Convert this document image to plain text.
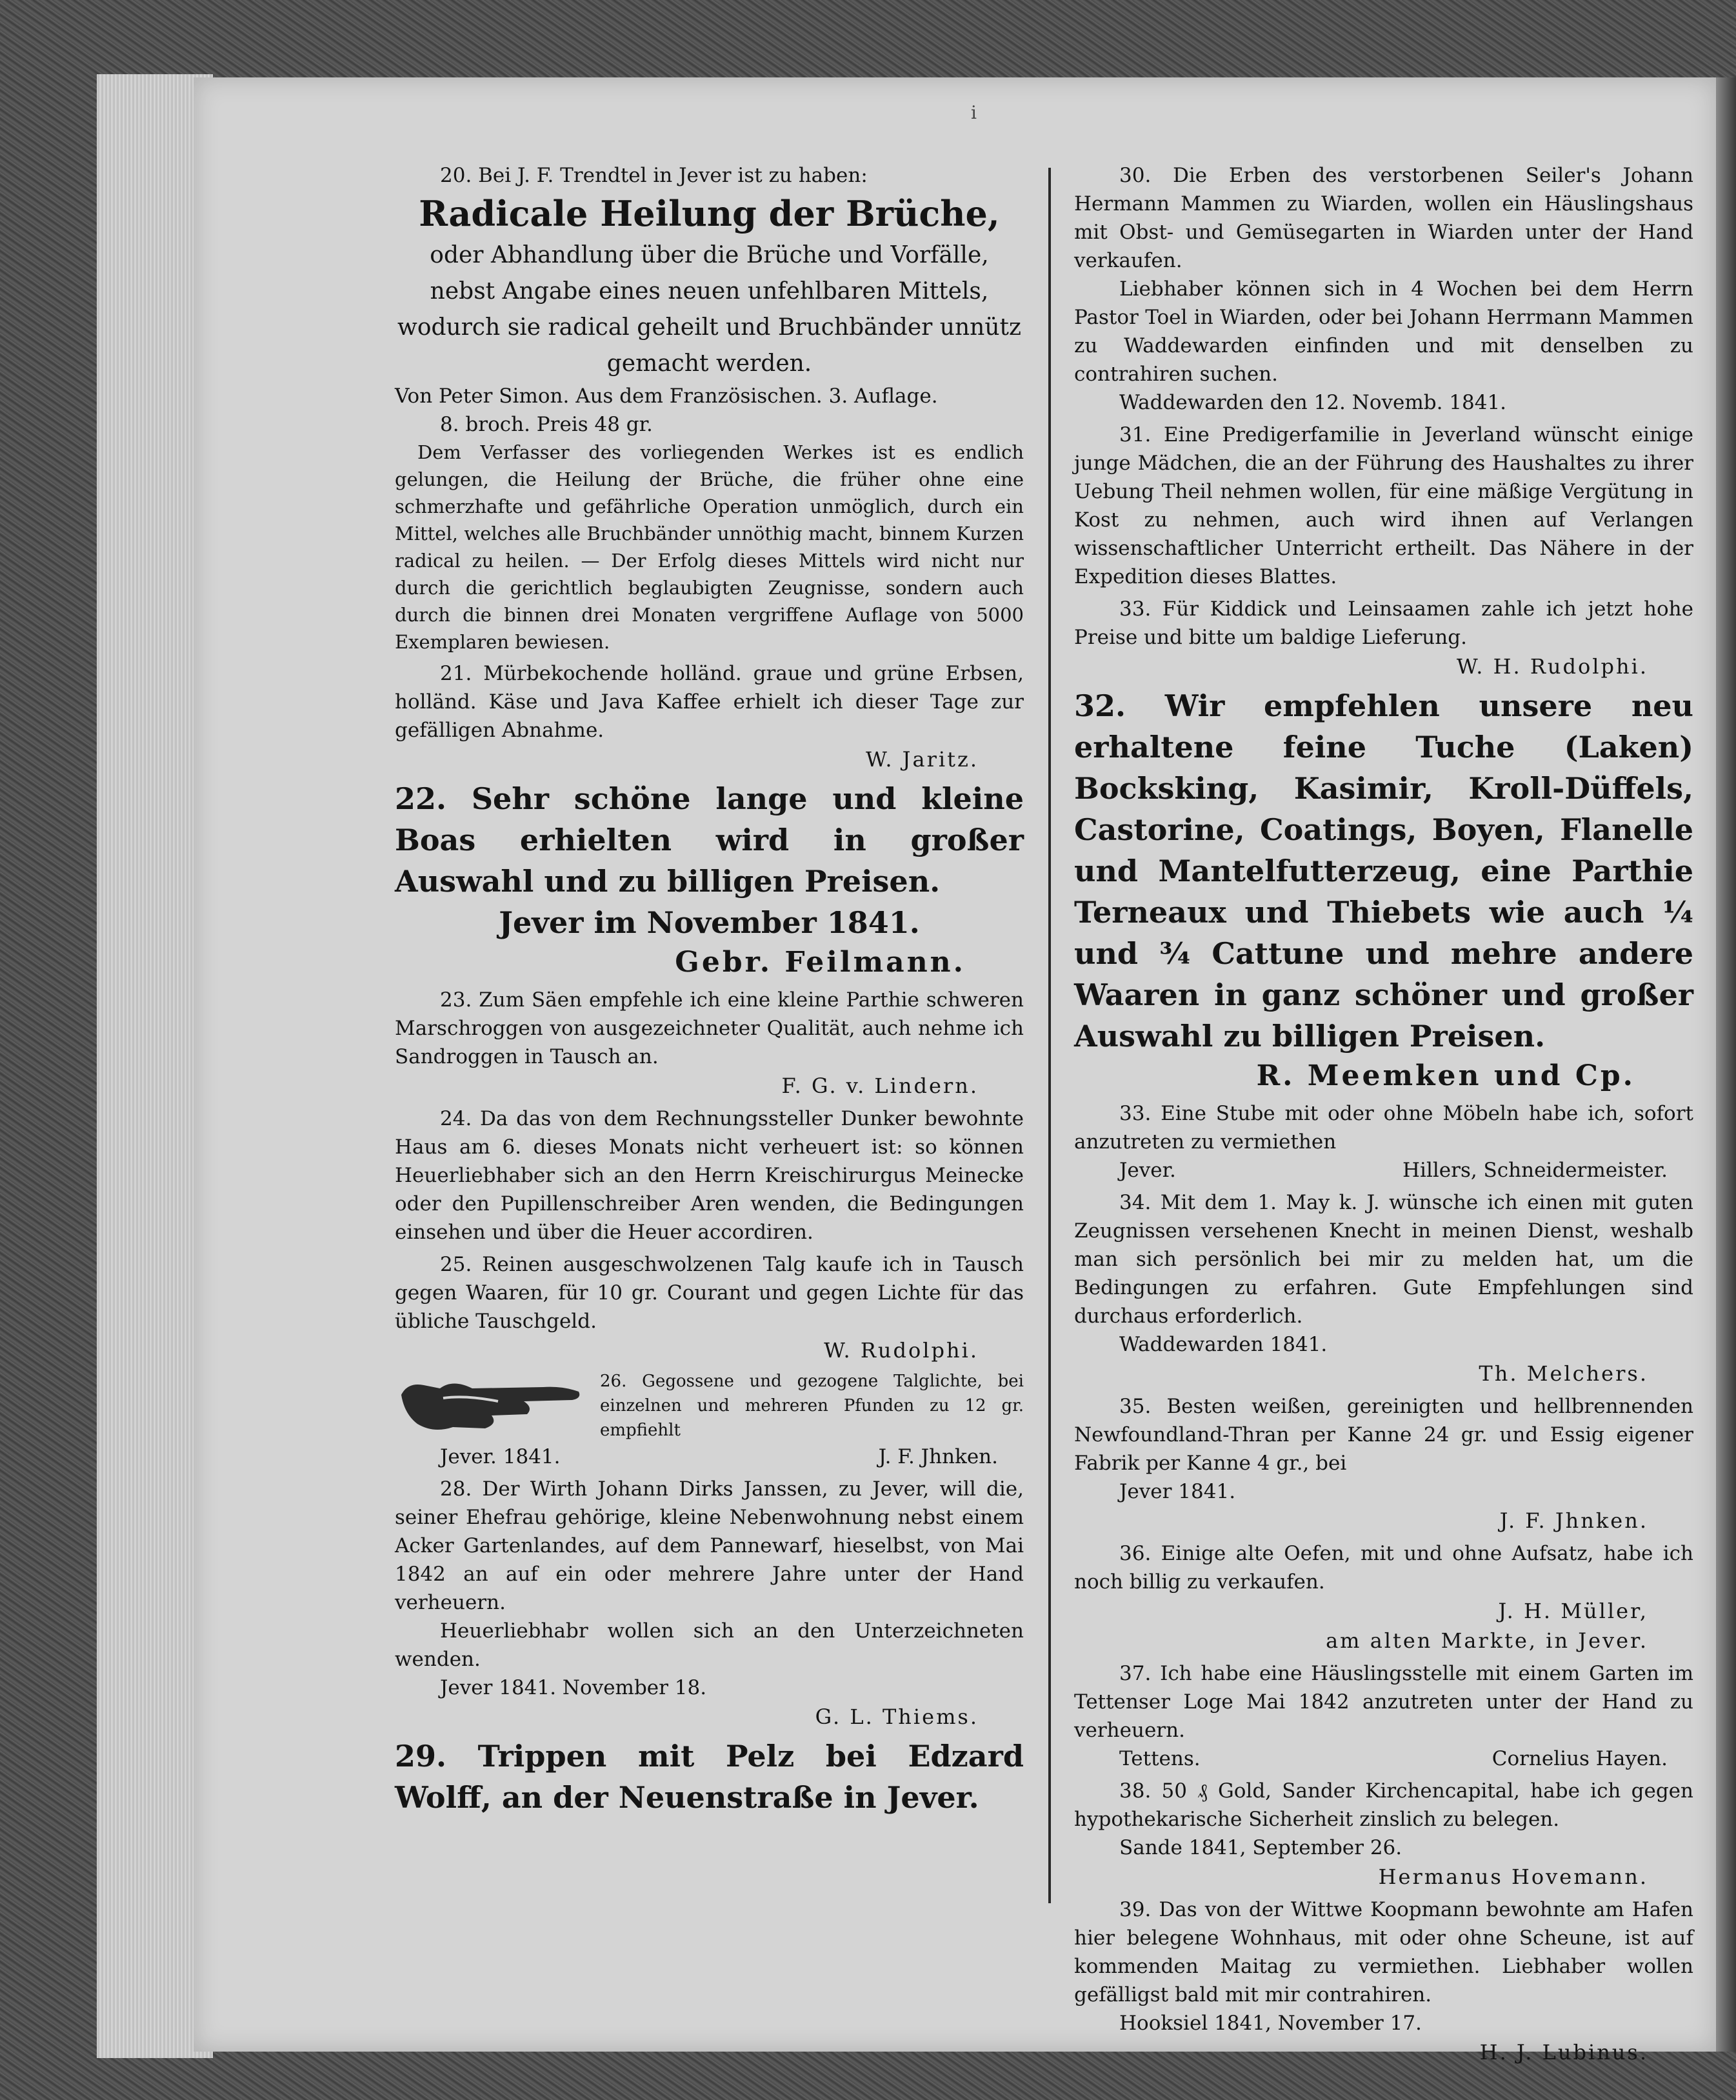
i

20. Bei J. F. Trendtel in Jever ist zu haben:

Radicale Heilung der Brüche,

oder Abhandlung über die Brüche und Vorfälle, nebst Angabe eines neuen unfehlbaren Mittels, wodurch sie radical geheilt und Bruchbänder unnütz gemacht werden.

Von Peter Simon. Aus dem Französischen. 3. Auflage.

8. broch. Preis 48 gr.

Dem Verfasser des vorliegenden Werkes ist es endlich gelungen, die Heilung der Brüche, die früher ohne eine schmerzhafte und gefährliche Operation unmöglich, durch ein Mittel, welches alle Bruchbänder unnöthig macht, binnem Kurzen radical zu heilen. — Der Erfolg dieses Mittels wird nicht nur durch die gerichtlich beglaubigten Zeugnisse, sondern auch durch die binnen drei Monaten vergriffene Auflage von 5000 Exemplaren bewiesen.

21. Mürbekochende holländ. graue und grüne Erbsen, holländ. Käse und Java Kaffee erhielt ich dieser Tage zur gefälligen Abnahme.

W. Jaritz.

22. Sehr schöne lange und kleine Boas erhielten wird in großer Auswahl und zu billigen Preisen.

Jever im November 1841.

Gebr. Feilmann.

23. Zum Säen empfehle ich eine kleine Parthie schweren Marschroggen von ausgezeichneter Qualität, auch nehme ich Sandroggen in Tausch an.

F. G. v. Lindern.

24. Da das von dem Rechnungssteller Dunker bewohnte Haus am 6. dieses Monats nicht verheuert ist: so können Heuerliebhaber sich an den Herrn Kreischirurgus Meinecke oder den Pupillenschreiber Aren wenden, die Bedingungen einsehen und über die Heuer accordiren.

25. Reinen ausgeschwolzenen Talg kaufe ich in Tausch gegen Waaren, für 10 gr. Courant und gegen Lichte für das übliche Tauschgeld.

W. Rudolphi.

26. Gegossene und gezogene Talglichte, bei einzelnen und mehreren Pfunden zu 12 gr. empfiehlt
Jever. 1841.	J. F. Jhnken.

28. Der Wirth Johann Dirks Janssen, zu Jever, will die, seiner Ehefrau gehörige, kleine Nebenwohnung nebst einem Acker Gartenlandes, auf dem Pannewarf, hieselbst, von Mai 1842 an auf ein oder mehrere Jahre unter der Hand verheuern.

Heuerliebhabr wollen sich an den Unterzeichneten wenden.

Jever 1841. November 18.

G. L. Thiems.

29. Trippen mit Pelz bei Edzard Wolff, an der Neuenstraße in Jever.

30. Die Erben des verstorbenen Seiler's Johann Hermann Mammen zu Wiarden, wollen ein Häuslingshaus mit Obst- und Gemüsegarten in Wiarden unter der Hand verkaufen.

Liebhaber können sich in 4 Wochen bei dem Herrn Pastor Toel in Wiarden, oder bei Johann Herrmann Mammen zu Waddewarden einfinden und mit denselben zu contrahiren suchen.

Waddewarden den 12. Novemb. 1841.

31. Eine Predigerfamilie in Jeverland wünscht einige junge Mädchen, die an der Führung des Haushaltes zu ihrer Uebung Theil nehmen wollen, für eine mäßige Vergütung in Kost zu nehmen, auch wird ihnen auf Verlangen wissenschaftlicher Unterricht ertheilt. Das Nähere in der Expedition dieses Blattes.

33. Für Kiddick und Leinsaamen zahle ich jetzt hohe Preise und bitte um baldige Lieferung.

W. H. Rudolphi.

32. Wir empfehlen unsere neu erhaltene feine Tuche (Laken) Bocksking, Kasimir, Kroll-Düffels, Castorine, Coatings, Boyen, Flanelle und Mantelfutterzeug, eine Parthie Terneaux und Thiebets wie auch ¼ und ¾ Cattune und mehre andere Waaren in ganz schöner und großer Auswahl zu billigen Preisen.

R. Meemken und Cp.

33. Eine Stube mit oder ohne Möbeln habe ich, sofort anzutreten zu vermiethen

Jever.	Hillers, Schneidermeister.

34. Mit dem 1. May k. J. wünsche ich einen mit guten Zeugnissen versehenen Knecht in meinen Dienst, weshalb man sich persönlich bei mir zu melden hat, um die Bedingungen zu erfahren. Gute Empfehlungen sind durchaus erforderlich.

Waddewarden 1841.

Th. Melchers.

35. Besten weißen, gereinigten und hellbrennenden Newfoundland-Thran per Kanne 24 gr. und Essig eigener Fabrik per Kanne 4 gr., bei

Jever 1841.

J. F. Jhnken.

36. Einige alte Oefen, mit und ohne Aufsatz, habe ich noch billig zu verkaufen.

J. H. Müller,

am alten Markte, in Jever.

37. Ich habe eine Häuslingsstelle mit einem Garten im Tettenser Loge Mai 1842 anzutreten unter der Hand zu verheuern.

Tettens.	Cornelius Hayen.

38. 50 ₰ Gold, Sander Kirchencapital, habe ich gegen hypothekarische Sicherheit zinslich zu belegen.

Sande 1841, September 26.

Hermanus Hovemann.

39. Das von der Wittwe Koopmann bewohnte am Hafen hier belegene Wohnhaus, mit oder ohne Scheune, ist auf kommenden Maitag zu vermiethen. Liebhaber wollen gefälligst bald mit mir contrahiren.

Hooksiel 1841, November 17.

H. J. Lubinus.
